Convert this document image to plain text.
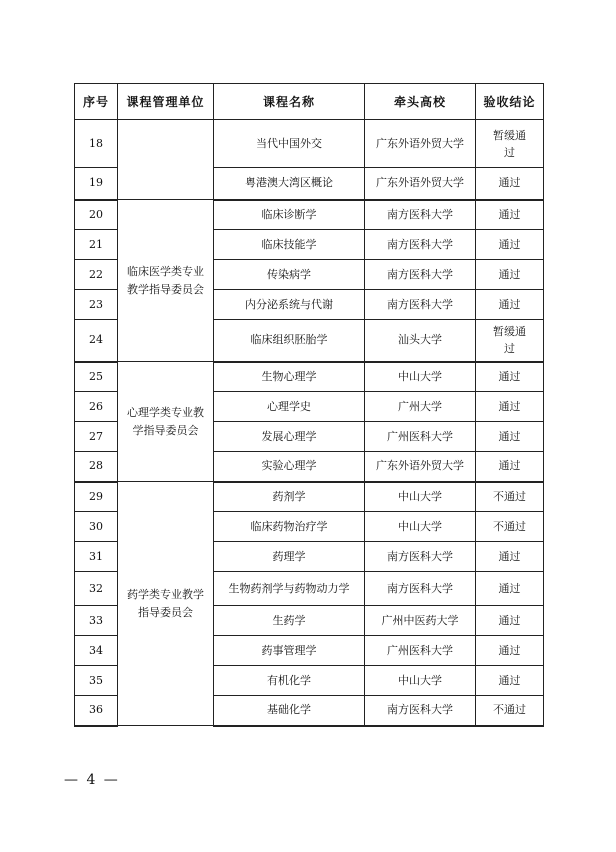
序号	课程管理单位	课程名称	牵头高校	验收结论
18		当代中国外交	广东外语外贸大学	暂缓通过
19		粤港澳大湾区概论	广东外语外贸大学	通过
20	临床医学类专业教学指导委员会	临床诊断学	南方医科大学	通过
21		临床技能学	南方医科大学	通过
22		传染病学	南方医科大学	通过
23		内分泌系统与代谢	南方医科大学	通过
24		临床组织胚胎学	汕头大学	暂缓通过
25	心理学类专业教学指导委员会	生物心理学	中山大学	通过
26		心理学史	广州大学	通过
27		发展心理学	广州医科大学	通过
28		实验心理学	广东外语外贸大学	通过
29	药学类专业教学指导委员会	药剂学	中山大学	不通过
30		临床药物治疗学	中山大学	不通过
31		药理学	南方医科大学	通过
32		生物药剂学与药物动力学	南方医科大学	通过
33		生药学	广州中医药大学	通过
34		药事管理学	广州医科大学	通过
35		有机化学	中山大学	通过
36		基础化学	南方医科大学	不通过
— 4 —
